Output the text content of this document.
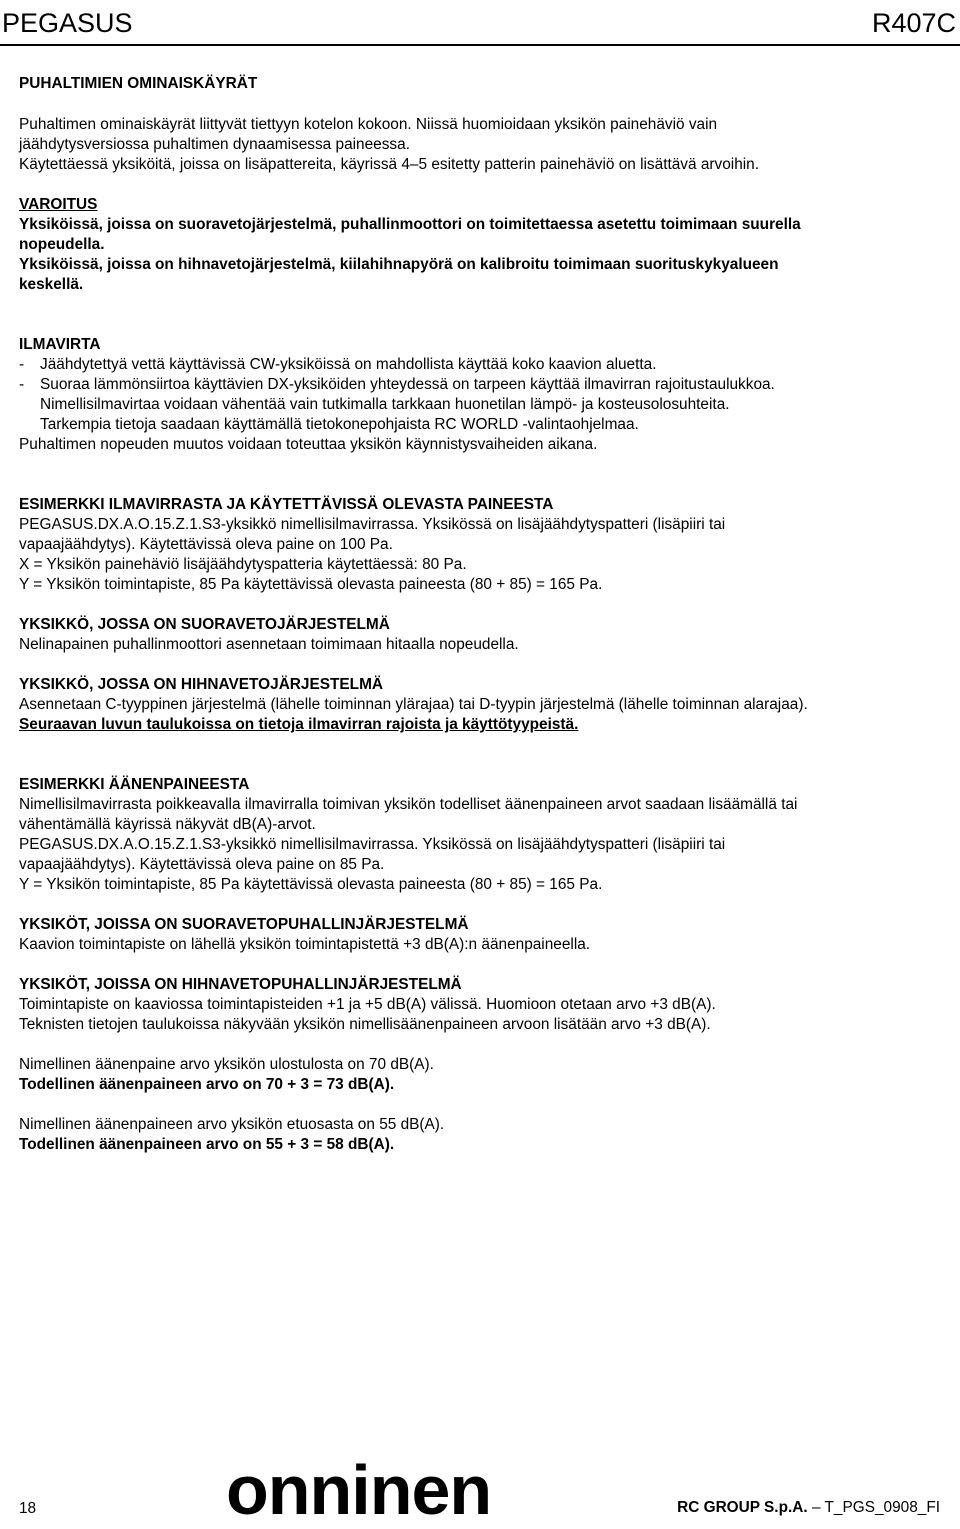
PEGASUS	R407C

PUHALTIMIEN OMINAISKÄYRÄT

Puhaltimen ominaiskäyrät liittyvät tiettyyn kotelon kokoon. Niissä huomioidaan yksikön painehäviö vain

jäähdytysversiossa puhaltimen dynaamisessa paineessa.

Käytettäessä yksiköitä, joissa on lisäpattereita, käyrissä 4–5 esitetty patterin painehäviö on lisättävä arvoihin.

VAROITUS

Yksiköissä, joissa on suoravetojärjestelmä, puhallinmoottori on toimitettaessa asetettu toimimaan suurella

nopeudella.

Yksiköissä, joissa on hihnavetojärjestelmä, kiilahihnapyörä on kalibroitu toimimaan suorituskykyalueen

keskellä.

ILMAVIRTA

-	Jäähdytettyä vettä käyttävissä CW-yksiköissä on mahdollista käyttää koko kaavion aluetta.
-	Suoraa lämmönsiirtoa käyttävien DX-yksiköiden yhteydessä on tarpeen käyttää ilmavirran rajoitustaulukkoa.

Nimellisilmavirtaa voidaan vähentää vain tutkimalla tarkkaan huonetilan lämpö- ja kosteusolosuhteita.

Tarkempia tietoja saadaan käyttämällä tietokonepohjaista RC WORLD -valintaohjelmaa.

Puhaltimen nopeuden muutos voidaan toteuttaa yksikön käynnistysvaiheiden aikana.

ESIMERKKI ILMAVIRRASTA JA KÄYTETTÄVISSÄ OLEVASTA PAINEESTA

PEGASUS.DX.A.O.15.Z.1.S3-yksikkö nimellisilmavirrassa. Yksikössä on lisäjäähdytyspatteri (lisäpiiri tai

vapaajäähdytys). Käytettävissä oleva paine on 100 Pa.

X = Yksikön painehäviö lisäjäähdytyspatteria käytettäessä: 80 Pa.

Y = Yksikön toimintapiste, 85 Pa käytettävissä olevasta paineesta (80 + 85) = 165 Pa.

YKSIKKÖ, JOSSA ON SUORAVETOJÄRJESTELMÄ

Nelinapainen puhallinmoottori asennetaan toimimaan hitaalla nopeudella.

YKSIKKÖ, JOSSA ON HIHNAVETOJÄRJESTELMÄ

Asennetaan C-tyyppinen järjestelmä (lähelle toiminnan ylärajaa) tai D-tyypin järjestelmä (lähelle toiminnan alarajaa).

Seuraavan luvun taulukoissa on tietoja ilmavirran rajoista ja käyttötyypeistä.

ESIMERKKI ÄÄNENPAINEESTA

Nimellisilmavirrasta poikkeavalla ilmavirralla toimivan yksikön todelliset äänenpaineen arvot saadaan lisäämällä tai

vähentämällä käyrissä näkyvät dB(A)-arvot.

PEGASUS.DX.A.O.15.Z.1.S3-yksikkö nimellisilmavirrassa. Yksikössä on lisäjäähdytyspatteri (lisäpiiri tai

vapaajäähdytys). Käytettävissä oleva paine on 85 Pa.

Y = Yksikön toimintapiste, 85 Pa käytettävissä olevasta paineesta (80 + 85) = 165 Pa.

YKSIKÖT, JOISSA ON SUORAVETOPUHALLINJÄRJESTELMÄ

Kaavion toimintapiste on lähellä yksikön toimintapistettä +3 dB(A):n äänenpaineella.

YKSIKÖT, JOISSA ON HIHNAVETOPUHALLINJÄRJESTELMÄ

Toimintapiste on kaaviossa toimintapisteiden +1 ja +5 dB(A) välissä. Huomioon otetaan arvo +3 dB(A).

Teknisten tietojen taulukoissa näkyvään yksikön nimellisäänenpaineen arvoon lisätään arvo +3 dB(A).

Nimellinen äänenpaine arvo yksikön ulostulosta on 70 dB(A).

Todellinen äänenpaineen arvo on 70 + 3 = 73 dB(A).

Nimellinen äänenpaineen arvo yksikön etuosasta on 55 dB(A).

Todellinen äänenpaineen arvo on 55 + 3 = 58 dB(A).

18	onninen	RC GROUP S.p.A. – T_PGS_0908_FI
